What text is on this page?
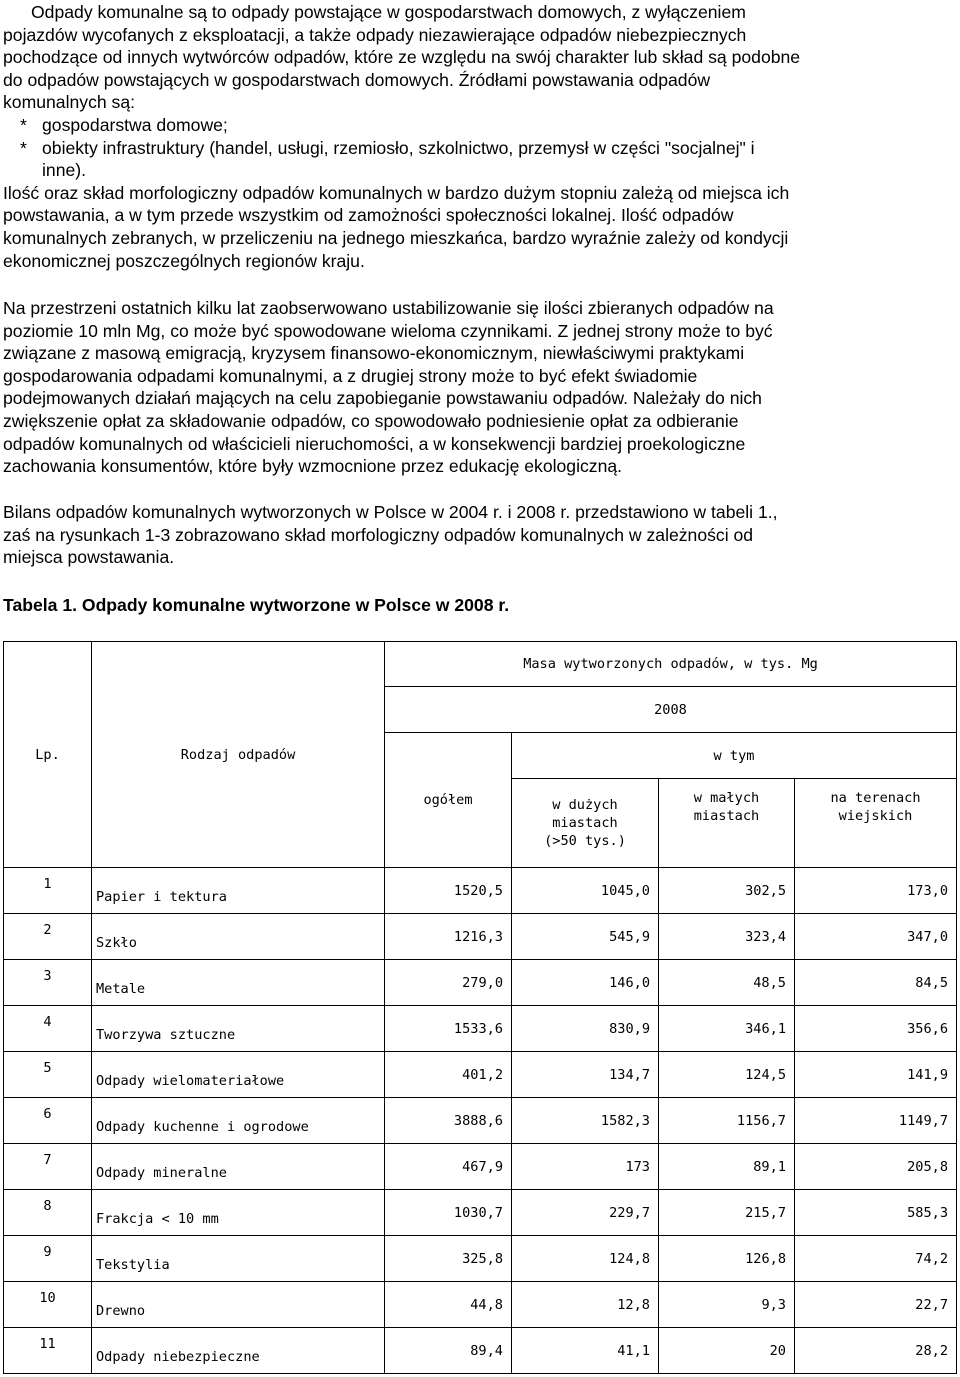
Odpady komunalne są to odpady powstające w gospodarstwach domowych, z wyłączeniem

pojazdów wycofanych z eksploatacji, a także odpady niezawierające odpadów niebezpiecznych
pochodzące od innych wytwórców odpadów, które ze względu na swój charakter lub skład są podobne
do odpadów powstających w gospodarstwach domowych. Źródłami powstawania odpadów
komunalnych są:

* gospodarstwa domowe;
* obiekty infrastruktury (handel, usługi, rzemiosło, szkolnictwo, przemysł w części "socjalnej" i
inne).

Ilość oraz skład morfologiczny odpadów komunalnych w bardzo dużym stopniu zależą od miejsca ich
powstawania, a w tym przede wszystkim od zamożności społeczności lokalnej. Ilość odpadów
komunalnych zebranych, w przeliczeniu na jednego mieszkańca, bardzo wyraźnie zależy od kondycji
ekonomicznej poszczególnych regionów kraju.

Na przestrzeni ostatnich kilku lat zaobserwowano ustabilizowanie się ilości zbieranych odpadów na
poziomie 10 mln Mg, co może być spowodowane wieloma czynnikami. Z jednej strony może to być
związane z masową emigracją, kryzysem finansowo-ekonomicznym, niewłaściwymi praktykami
gospodarowania odpadami komunalnymi, a z drugiej strony może to być efekt świadomie
podejmowanych działań mających na celu zapobieganie powstawaniu odpadów. Należały do nich
zwiększenie opłat za składowanie odpadów, co spowodowało podniesienie opłat za odbieranie
odpadów komunalnych od właścicieli nieruchomości, a w konsekwencji bardziej proekologiczne
zachowania konsumentów, które były wzmocnione przez edukację ekologiczną.

Bilans odpadów komunalnych wytworzonych w Polsce w 2004 r. i 2008 r. przedstawiono w tabeli 1.,
zaś na rysunkach 1-3 zobrazowano skład morfologiczny odpadów komunalnych w zależności od
miejsca powstawania.

Tabela 1. Odpady komunalne wytworzone w Polsce w 2008 r.

Lp.	Rodzaj odpadów	Masa wytworzonych odpadów, w tys. Mg			
		2008			
		ogółem	w tym		
			w dużych
miastach
(>50 tys.)	w małych
miastach	na terenach
wiejskich
1	Papier i tektura	1520,5	1045,0	302,5	173,0
2	Szkło	1216,3	545,9	323,4	347,0
3	Metale	279,0	146,0	48,5	84,5
4	Tworzywa sztuczne	1533,6	830,9	346,1	356,6
5	Odpady wielomateriałowe	401,2	134,7	124,5	141,9
6	Odpady kuchenne i ogrodowe	3888,6	1582,3	1156,7	1149,7
7	Odpady mineralne	467,9	173	89,1	205,8
8	Frakcja < 10 mm	1030,7	229,7	215,7	585,3
9	Tekstylia	325,8	124,8	126,8	74,2
10	Drewno	44,8	12,8	9,3	22,7
11	Odpady niebezpieczne	89,4	41,1	20	28,2
